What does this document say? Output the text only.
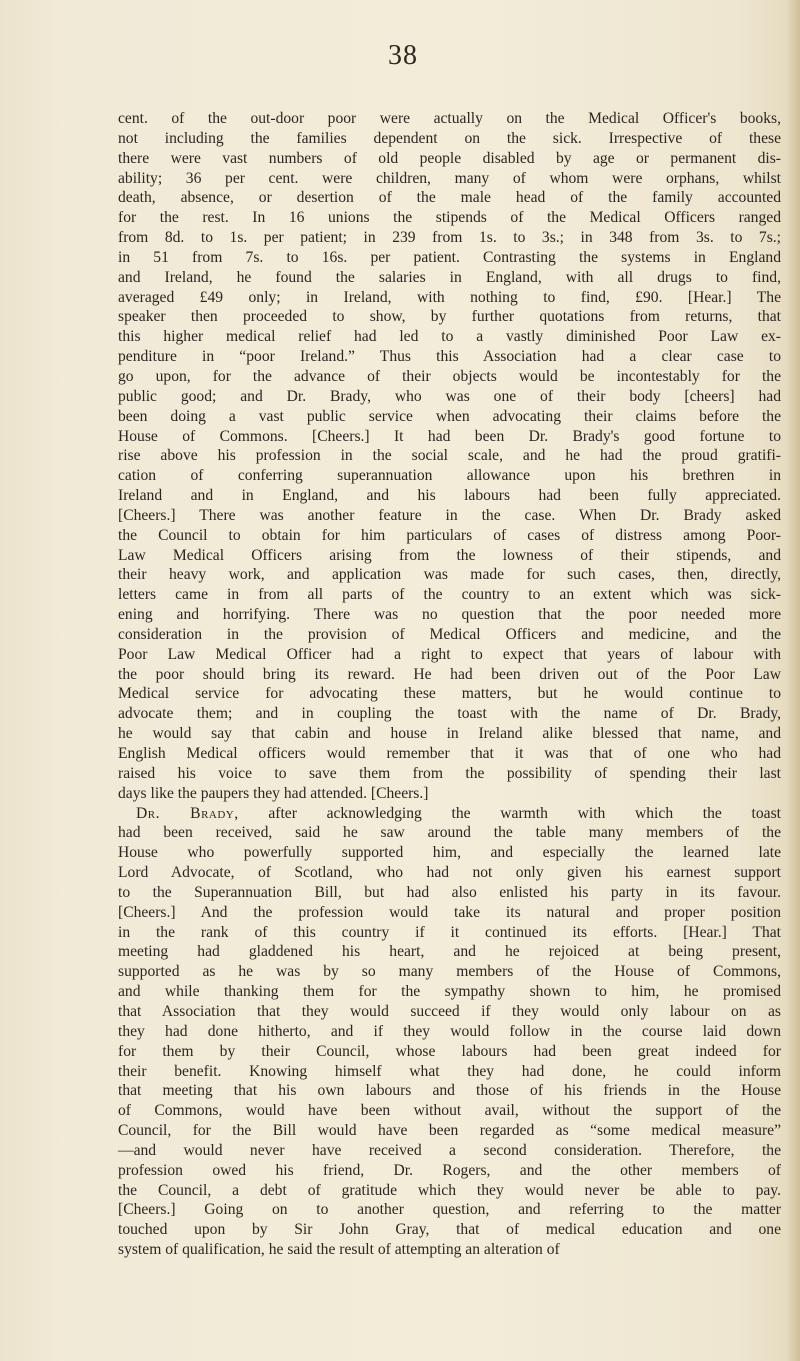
38
cent. of the out-door poor were actually on the Medical Officer's books,
not including the families dependent on the sick. Irrespective of these
there were vast numbers of old people disabled by age or permanent dis-
ability; 36 per cent. were children, many of whom were orphans, whilst
death, absence, or desertion of the male head of the family accounted
for the rest. In 16 unions the stipends of the Medical Officers ranged
from 8d. to 1s. per patient; in 239 from 1s. to 3s.; in 348 from 3s. to 7s.;
in 51 from 7s. to 16s. per patient. Contrasting the systems in England
and Ireland, he found the salaries in England, with all drugs to find,
averaged £49 only; in Ireland, with nothing to find, £90. [Hear.] The
speaker then proceeded to show, by further quotations from returns, that
this higher medical relief had led to a vastly diminished Poor Law ex-
penditure in “poor Ireland.” Thus this Association had a clear case to
go upon, for the advance of their objects would be incontestably for the
public good; and Dr. Brady, who was one of their body [cheers] had
been doing a vast public service when advocating their claims before the
House of Commons. [Cheers.] It had been Dr. Brady's good fortune to
rise above his profession in the social scale, and he had the proud gratifi-
cation of conferring superannuation allowance upon his brethren in
Ireland and in England, and his labours had been fully appreciated.
[Cheers.] There was another feature in the case. When Dr. Brady asked
the Council to obtain for him particulars of cases of distress among Poor-
Law Medical Officers arising from the lowness of their stipends, and
their heavy work, and application was made for such cases, then, directly,
letters came in from all parts of the country to an extent which was sick-
ening and horrifying. There was no question that the poor needed more
consideration in the provision of Medical Officers and medicine, and the
Poor Law Medical Officer had a right to expect that years of labour with
the poor should bring its reward. He had been driven out of the Poor Law
Medical service for advocating these matters, but he would continue to
advocate them; and in coupling the toast with the name of Dr. Brady,
he would say that cabin and house in Ireland alike blessed that name, and
English Medical officers would remember that it was that of one who had
raised his voice to save them from the possibility of spending their last
days like the paupers they had attended. [Cheers.]
Dr. Brady, after acknowledging the warmth with which the toast
had been received, said he saw around the table many members of the
House who powerfully supported him, and especially the learned late
Lord Advocate, of Scotland, who had not only given his earnest support
to the Superannuation Bill, but had also enlisted his party in its favour.
[Cheers.] And the profession would take its natural and proper position
in the rank of this country if it continued its efforts. [Hear.] That
meeting had gladdened his heart, and he rejoiced at being present,
supported as he was by so many members of the House of Commons,
and while thanking them for the sympathy shown to him, he promised
that Association that they would succeed if they would only labour on as
they had done hitherto, and if they would follow in the course laid down
for them by their Council, whose labours had been great indeed for
their benefit. Knowing himself what they had done, he could inform
that meeting that his own labours and those of his friends in the House
of Commons, would have been without avail, without the support of the
Council, for the Bill would have been regarded as “some medical measure”
—and would never have received a second consideration. Therefore, the
profession owed his friend, Dr. Rogers, and the other members of
the Council, a debt of gratitude which they would never be able to pay.
[Cheers.] Going on to another question, and referring to the matter
touched upon by Sir John Gray, that of medical education and one
system of qualification, he said the result of attempting an alteration of
